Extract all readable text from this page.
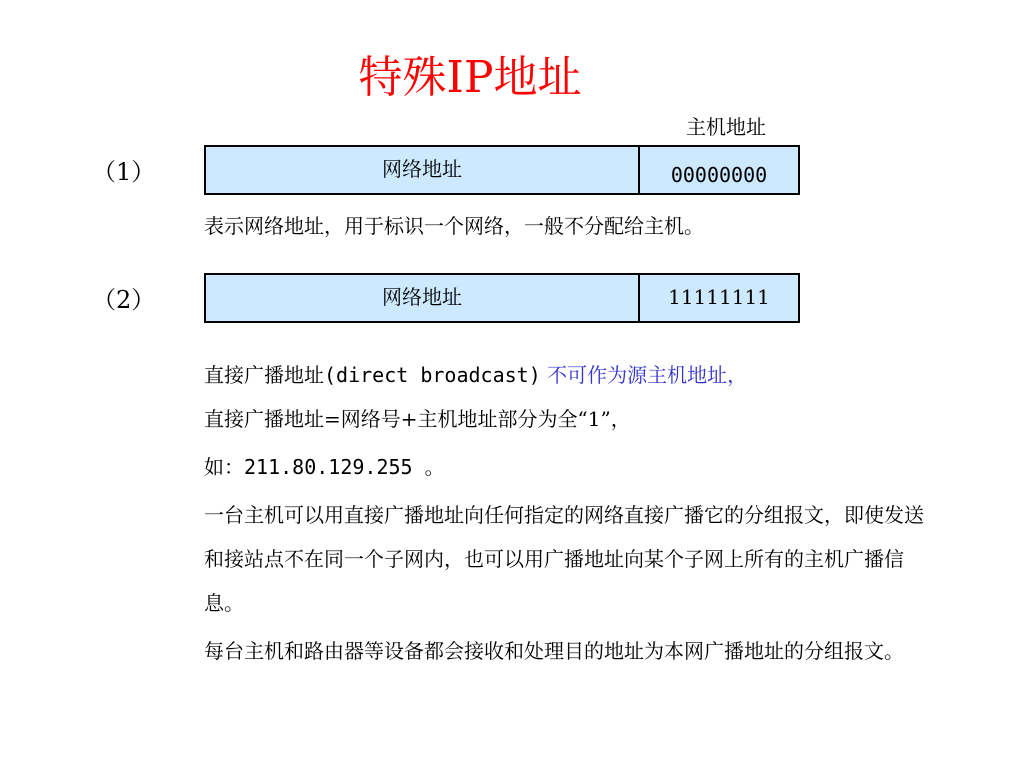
特殊IP地址
主机地址
（1）	网络地址	00000000
表示网络地址，用于标识一个网络，一般不分配给主机。
（2）	网络地址	11111111
直接广播地址(direct broadcast) 不可作为源主机地址，
直接广播地址=网络号+主机地址部分为全“1”，
如：211.80.129.255 。
一台主机可以用直接广播地址向任何指定的网络直接广播它的分组报文，即使发送和接站点不在同一个子网内，也可以用广播地址向某个子网上所有的主机广播信息。
每台主机和路由器等设备都会接收和处理目的地址为本网广播地址的分组报文。
